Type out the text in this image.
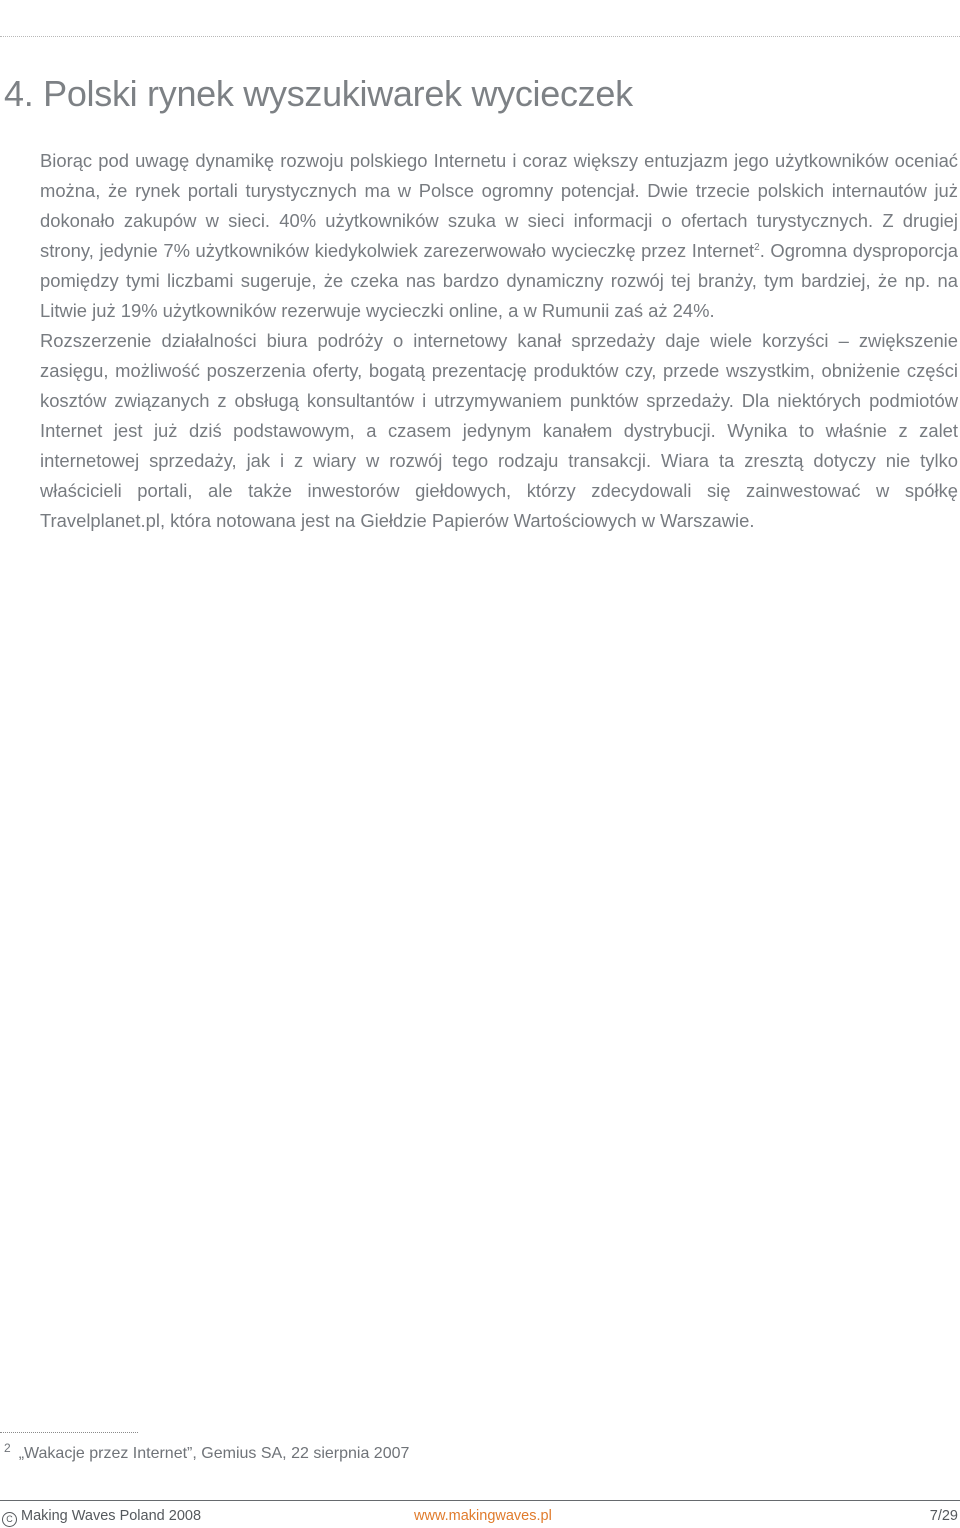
4. Polski rynek wyszukiwarek wycieczek

Biorąc pod uwagę dynamikę rozwoju polskiego Internetu i coraz większy entuzjazm jego użytkowników oceniać można, że rynek portali turystycznych ma w Polsce ogromny potencjał. Dwie trzecie polskich internautów już dokonało zakupów w sieci. 40% użytkowników szuka w sieci informacji o ofertach turystycznych. Z drugiej strony, jedynie 7% użytkowników kiedykolwiek zarezerwowało wycieczkę przez Internet$^2$. Ogromna dysproporcja pomiędzy tymi liczbami sugeruje, że czeka nas bardzo dynamiczny rozwój tej branży, tym bardziej, że np. na Litwie już 19% użytkowników rezerwuje wycieczki online, a w Rumunii zaś aż 24%.

Rozszerzenie działalności biura podróży o internetowy kanał sprzedaży daje wiele korzyści – zwiększenie zasięgu, możliwość poszerzenia oferty, bogatą prezentację produktów czy, przede wszystkim, obniżenie części kosztów związanych z obsługą konsultantów i utrzymywaniem punktów sprzedaży. Dla niektórych podmiotów Internet jest już dziś podstawowym, a czasem jedynym kanałem dystrybucji. Wynika to właśnie z zalet internetowej sprzedaży, jak i z wiary w rozwój tego rodzaju transakcji. Wiara ta zresztą dotyczy nie tylko właścicieli portali, ale także inwestorów giełdowych, którzy zdecydowali się zainwestować w spółkę Travelplanet.pl, która notowana jest na Giełdzie Papierów Wartościowych w Warszawie.

$^2$ „Wakacje przez Internet”, Gemius SA, 22 sierpnia 2007
C Making Waves Poland 2008	www.makingwaves.pl	7/29
